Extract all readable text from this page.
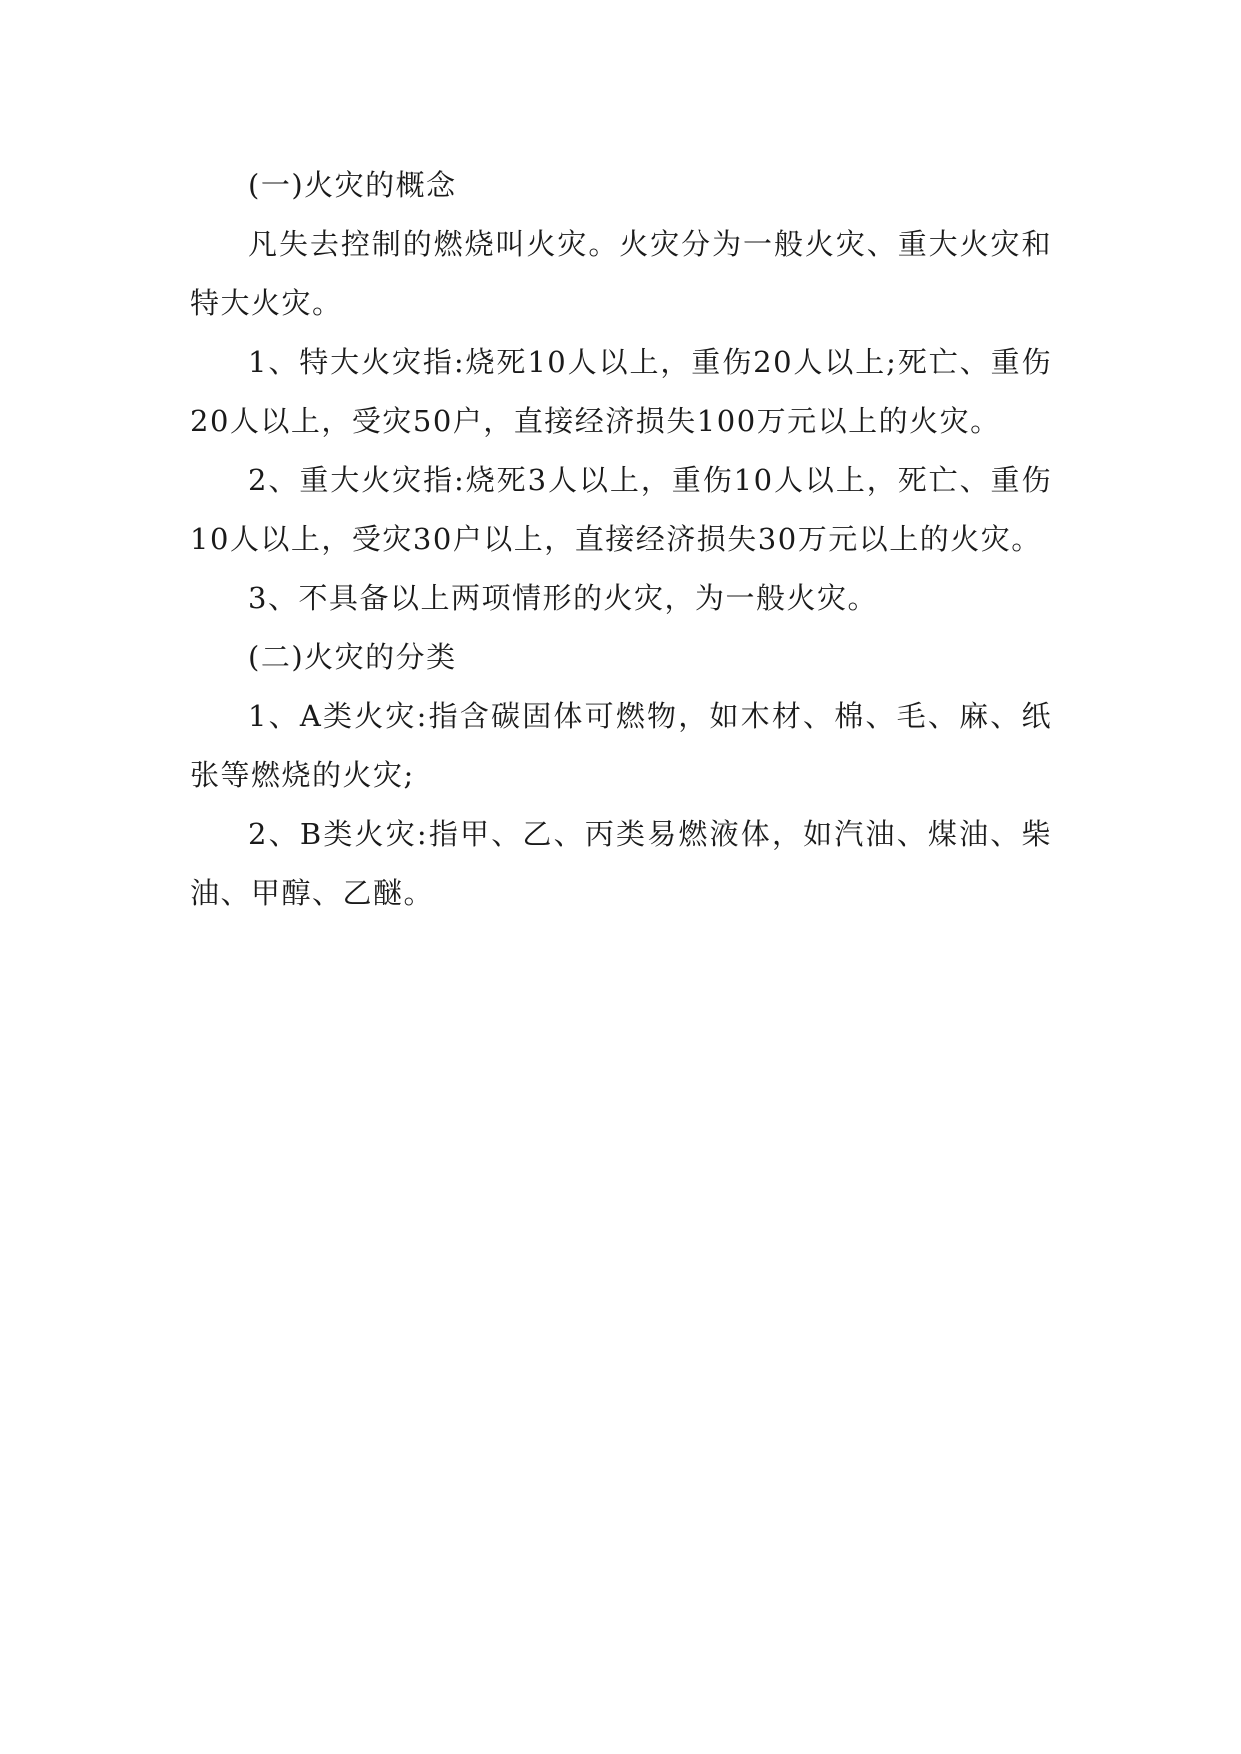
(一)火灾的概念

凡失去控制的燃烧叫火灾。火灾分为一般火灾、重大火灾和特大火灾。

1、特大火灾指:烧死10人以上，重伤20人以上;死亡、重伤20人以上，受灾50户，直接经济损失100万元以上的火灾。

2、重大火灾指:烧死3人以上，重伤10人以上，死亡、重伤10人以上，受灾30户以上，直接经济损失30万元以上的火灾。

3、不具备以上两项情形的火灾，为一般火灾。

(二)火灾的分类

1、A类火灾:指含碳固体可燃物，如木材、棉、毛、麻、纸张等燃烧的火灾;

2、B类火灾:指甲、乙、丙类易燃液体，如汽油、煤油、柴油、甲醇、乙醚。
